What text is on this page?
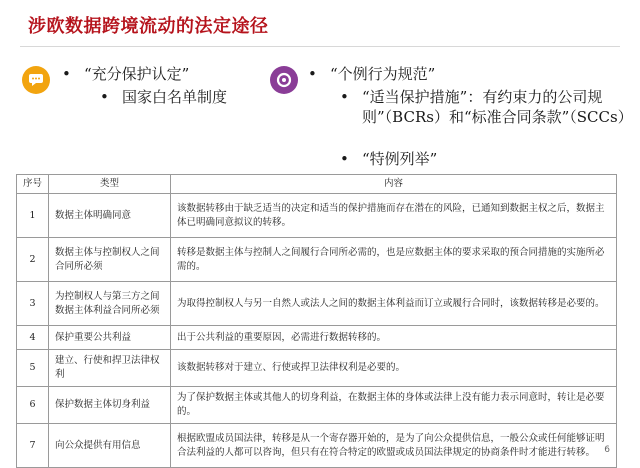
涉欧数据跨境流动的法定途径
• “充分保护认定”
• 国家白名单制度
• “个例行为规范”
• “适当保护措施”：有约束力的公司规则”（BCRs）和“标准合同条款”（SCCs）
• “特例列举”
序号	类型	内容
1	数据主体明确同意	该数据转移由于缺乏适当的决定和适当的保护措施而存在潜在的风险，已通知到数据主权之后，数据主体已明确同意拟议的转移。
2	数据主体与控制权人之间合同所必须	转移是数据主体与控制人之间履行合同所必需的，也是应数据主体的要求采取的预合同措施的实施所必需的。
3	为控制权人与第三方之间数据主体利益合同所必须	为取得控制权人与另一自然人或法人之间的数据主体利益而订立或履行合同时，该数据转移是必要的。
4	保护重要公共利益	出于公共利益的重要原因，必需进行数据转移的。
5	建立、行使和捍卫法律权利	该数据转移对于建立、行使或捍卫法律权利是必要的。
6	保护数据主体切身利益	为了保护数据主体或其他人的切身利益，在数据主体的身体或法律上没有能力表示同意时，转让是必要的。
7	向公众提供有用信息	根据欧盟成员国法律，转移是从一个寄存器开始的，是为了向公众提供信息，一般公众或任何能够证明合法利益的人都可以咨询，但只有在符合特定的欧盟或成员国法律规定的协商条件时才能进行转移。 6
